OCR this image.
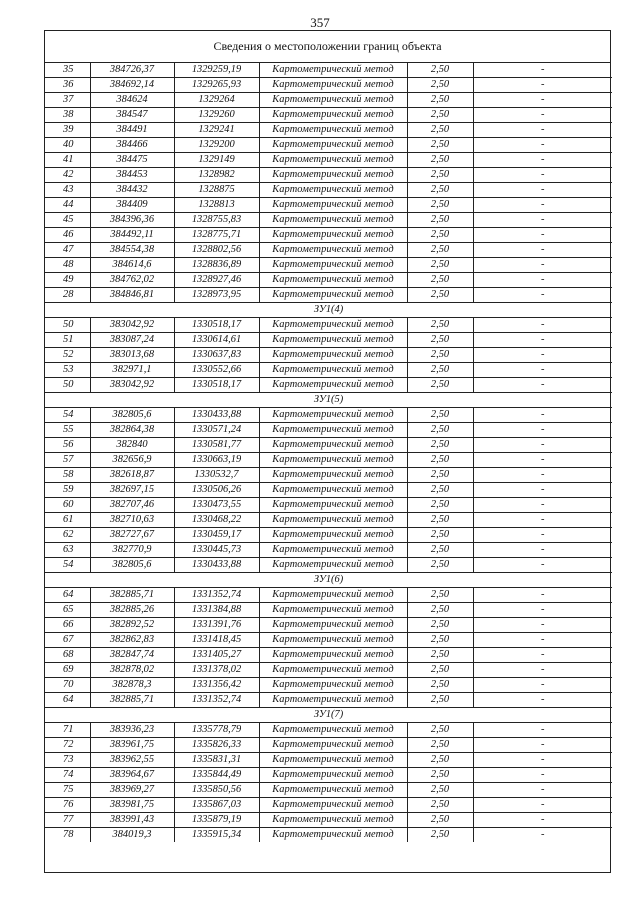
357
Сведения о местоположении границ объекта
35	384726,37	1329259,19	Картометрический метод	2,50	-
36	384692,14	1329265,93	Картометрический метод	2,50	-
37	384624	1329264	Картометрический метод	2,50	-
38	384547	1329260	Картометрический метод	2,50	-
39	384491	1329241	Картометрический метод	2,50	-
40	384466	1329200	Картометрический метод	2,50	-
41	384475	1329149	Картометрический метод	2,50	-
42	384453	1328982	Картометрический метод	2,50	-
43	384432	1328875	Картометрический метод	2,50	-
44	384409	1328813	Картометрический метод	2,50	-
45	384396,36	1328755,83	Картометрический метод	2,50	-
46	384492,11	1328775,71	Картометрический метод	2,50	-
47	384554,38	1328802,56	Картометрический метод	2,50	-
48	384614,6	1328836,89	Картометрический метод	2,50	-
49	384762,02	1328927,46	Картометрический метод	2,50	-
28	384846,81	1328973,95	Картометрический метод	2,50	-
ЗУ1(4)					
50	383042,92	1330518,17	Картометрический метод	2,50	-
51	383087,24	1330614,61	Картометрический метод	2,50	-
52	383013,68	1330637,83	Картометрический метод	2,50	-
53	382971,1	1330552,66	Картометрический метод	2,50	-
50	383042,92	1330518,17	Картометрический метод	2,50	-
ЗУ1(5)					
54	382805,6	1330433,88	Картометрический метод	2,50	-
55	382864,38	1330571,24	Картометрический метод	2,50	-
56	382840	1330581,77	Картометрический метод	2,50	-
57	382656,9	1330663,19	Картометрический метод	2,50	-
58	382618,87	1330532,7	Картометрический метод	2,50	-
59	382697,15	1330506,26	Картометрический метод	2,50	-
60	382707,46	1330473,55	Картометрический метод	2,50	-
61	382710,63	1330468,22	Картометрический метод	2,50	-
62	382727,67	1330459,17	Картометрический метод	2,50	-
63	382770,9	1330445,73	Картометрический метод	2,50	-
54	382805,6	1330433,88	Картометрический метод	2,50	-
ЗУ1(6)					
64	382885,71	1331352,74	Картометрический метод	2,50	-
65	382885,26	1331384,88	Картометрический метод	2,50	-
66	382892,52	1331391,76	Картометрический метод	2,50	-
67	382862,83	1331418,45	Картометрический метод	2,50	-
68	382847,74	1331405,27	Картометрический метод	2,50	-
69	382878,02	1331378,02	Картометрический метод	2,50	-
70	382878,3	1331356,42	Картометрический метод	2,50	-
64	382885,71	1331352,74	Картометрический метод	2,50	-
ЗУ1(7)					
71	383936,23	1335778,79	Картометрический метод	2,50	-
72	383961,75	1335826,33	Картометрический метод	2,50	-
73	383962,55	1335831,31	Картометрический метод	2,50	-
74	383964,67	1335844,49	Картометрический метод	2,50	-
75	383969,27	1335850,56	Картометрический метод	2,50	-
76	383981,75	1335867,03	Картометрический метод	2,50	-
77	383991,43	1335879,19	Картометрический метод	2,50	-
78	384019,3	1335915,34	Картометрический метод	2,50	-
